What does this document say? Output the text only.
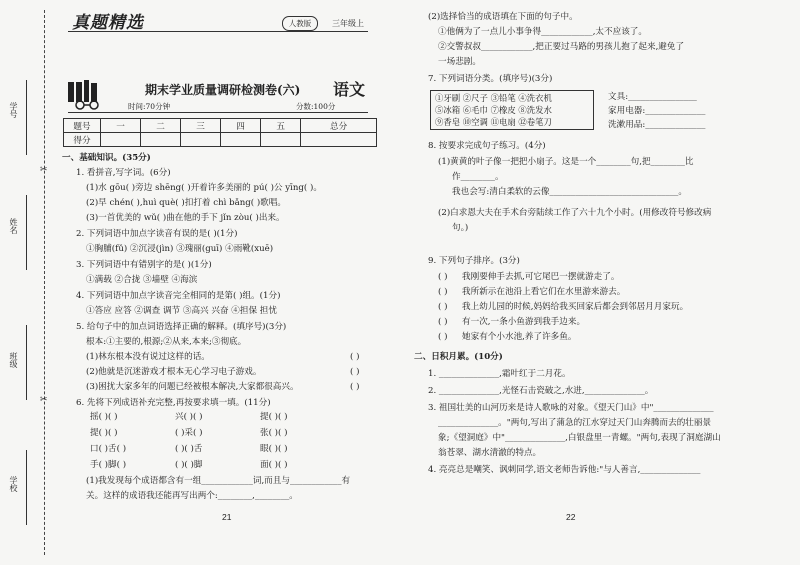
学号
姓名
班级
学校
✂
✂
真题精选	人教版	三年级上
期末学业质量调研检测卷(六) 语文
时间:70分钟	分数:100分
题号	一	二	三	四	五	总分
得分						
一、基础知识。(35分)
1. 看拼音,写字词。(6分)
(1)水 gōu( )旁边 shēng( )开着许多美丽的 pú( )公 yīng( )。
(2)早 chén( ),huì què( )扣打着 chì bǎng( )歌唱。
(3)一首优美的 wǔ( )曲在他的手下 jǐn zòu( )出来。
2. 下列词语中加点字读音有误的是( )(1分)
①胸脯(fǔ) ②沉浸(jìn) ③瑰丽(guī) ④雨靴(xuē)
3. 下列词语中有错别字的是( )(1分)
①满载 ②合拢 ③墙壁 ④海滨
4. 下列词语中加点字读音完全相同的是第( )组。(1分)
①答应 应答 ②调查 调节 ③高兴 兴奋 ④担保 担忧
5. 给句子中的加点词语选择正确的解释。(填序号)(3分)
根本:①主要的,根源;②从来,本来;③彻底。
(1)林东根本没有说过这样的话。	( )
(2)他就是沉迷游戏才根本无心学习电子游戏。	( )
(3)困扰大家多年的问题已经被根本解决,大家都很高兴。	( )
6. 先将下列成语补充完整,再按要求填一填。(11分)
摇( )( )	兴( )( )	提( )( )
提( )( )	( )采( )	张( )( )
口( )舌( )	( )( )舌	眼( )( )
手( )脚( )	( )( )脚	面( )( )
(1)我发现每个成语都含有一组____________词,而且与____________有
关。这样的成语我还能再写出两个:________,________。
21
(2)选择恰当的成语填在下面的句子中。
①他俩为了一点儿小事争得____________,太不应该了。
②交警叔叔____________,把正要过马路的男孩儿抱了起来,避免了
一场悲剧。
7. 下列词语分类。(填序号)(3分)
①牙刷 ②尺子 ③铅笔 ④洗衣机
⑤冰箱 ⑥毛巾 ⑦橡皮 ⑧洗发水
⑨香皂 ⑩空调 ⑪电扇 ⑫卷笔刀
文具:________________
家用电器:______________
洗漱用品:______________
8. 按要求完成句子练习。(4分)
(1)黄黄的叶子像一把把小扇子。这是一个________句,把________比
作________。
我也会写:清白柔软的云像______________________________。
(2)白求恩大夫在手术台旁陆续工作了六十九个小时。(用修改符号修改病
句。)
9. 下列句子排序。(3分)
( ) 我刚要伸手去抓,可它尾巴一摆就游走了。
( ) 我所新示在池沿上看它们在水里游来游去。
( ) 我上幼儿园的时候,妈妈给我买回家后都会到邻居月月家玩。
( ) 有一次,一条小鱼游到我手边来。
( ) 她家有个小水池,养了许多鱼。
二、日积月累。(10分)
1. ______________,霜叶红于二月花。
2. ______________,光怪石击瓷破之,水进,______________。
3. 祖国壮美的山河历来是诗人歌咏的对象。《望天门山》中"______________
______________。"两句,写出了蒲急的江水穿过天门山奔腾而去的壮丽景
象;《望洞庭》中"______________,白银盘里一青螺。"两句,表现了洞庭湖山
翁苍翠、湖水清澈的特点。
4. 亮亮总是嘲笑、讽刺同学,语文老师告诉他:"与人善言,______________
22
